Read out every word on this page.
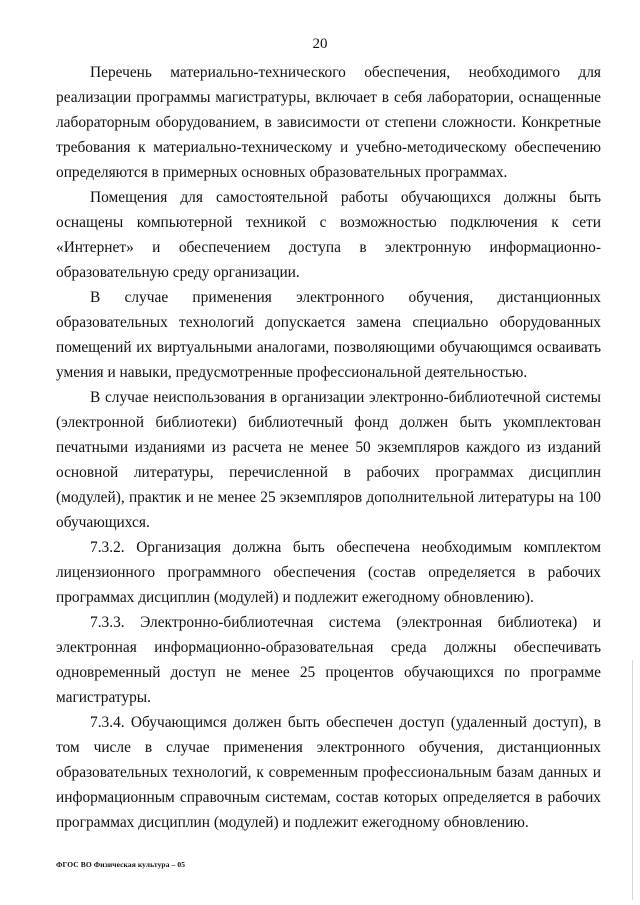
20

Перечень материально-технического обеспечения, необходимого для реализации программы магистратуры, включает в себя лаборатории, оснащенные лабораторным оборудованием, в зависимости от степени сложности. Конкретные требования к материально-техническому и учебно-методическому обеспечению определяются в примерных основных образовательных программах.

Помещения для самостоятельной работы обучающихся должны быть оснащены компьютерной техникой с возможностью подключения к сети «Интернет» и обеспечением доступа в электронную информационно-образовательную среду организации.

В случае применения электронного обучения, дистанционных образовательных технологий допускается замена специально оборудованных помещений их виртуальными аналогами, позволяющими обучающимся осваивать умения и навыки, предусмотренные профессиональной деятельностью.

В случае неиспользования в организации электронно-библиотечной системы (электронной библиотеки) библиотечный фонд должен быть укомплектован печатными изданиями из расчета не менее 50 экземпляров каждого из изданий основной литературы, перечисленной в рабочих программах дисциплин (модулей), практик и не менее 25 экземпляров дополнительной литературы на 100 обучающихся.

7.3.2. Организация должна быть обеспечена необходимым комплектом лицензионного программного обеспечения (состав определяется в рабочих программах дисциплин (модулей) и подлежит ежегодному обновлению).

7.3.3. Электронно-библиотечная система (электронная библиотека) и электронная информационно-образовательная среда должны обеспечивать одновременный доступ не менее 25 процентов обучающихся по программе магистратуры.

7.3.4. Обучающимся должен быть обеспечен доступ (удаленный доступ), в том числе в случае применения электронного обучения, дистанционных образовательных технологий, к современным профессиональным базам данных и информационным справочным системам, состав которых определяется в рабочих программах дисциплин (модулей) и подлежит ежегодному обновлению.

ФГОС ВО Физическая культура – 05
